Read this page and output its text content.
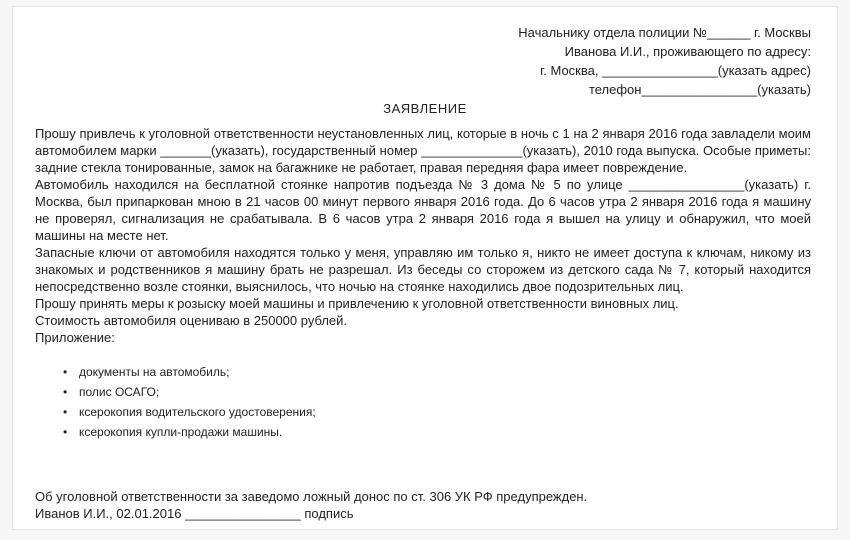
Начальнику отдела полиции №______ г. Москвы
Иванова И.И., проживающего по адресу:
г. Москва, ________________(указать адрес)
телефон________________(указать)
ЗАЯВЛЕНИЕ

Прошу привлечь к уголовной ответственности неустановленных лиц, которые в ночь с 1 на 2 января 2016 года завладели моим автомобилем марки _______(указать), государственный номер ______________(указать), 2010 года выпуска. Особые приметы: задние стекла тонированные, замок на багажнике не работает, правая передняя фара имеет повреждение.

Автомобиль находился на бесплатной стоянке напротив подъезда № 3 дома № 5 по улице ________________(указать) г. Москва, был припаркован мною в 21 часов 00 минут первого января 2016 года. До 6 часов утра 2 января 2016 года я машину не проверял, сигнализация не срабатывала. В 6 часов утра 2 января 2016 года я вышел на улицу и обнаружил, что моей машины на месте нет.

Запасные ключи от автомобиля находятся только у меня, управляю им только я, никто не имеет доступа к ключам, никому из знакомых и родственников я машину брать не разрешал. Из беседы со сторожем из детского сада № 7, который находится непосредственно возле стоянки, выяснилось, что ночью на стоянке находились двое подозрительных лиц.

Прошу принять меры к розыску моей машины и привлечению к уголовной ответственности виновных лиц.

Стоимость автомобиля оцениваю в 250000 рублей.

Приложение:

• документы на автомобиль;
• полис ОСАГО;
• ксерокопия водительского удостоверения;
• ксерокопия купли-продажи машины.

Об уголовной ответственности за заведомо ложный донос по ст. 306 УК РФ предупрежден.

Иванов И.И., 02.01.2016 ________________ подпись
